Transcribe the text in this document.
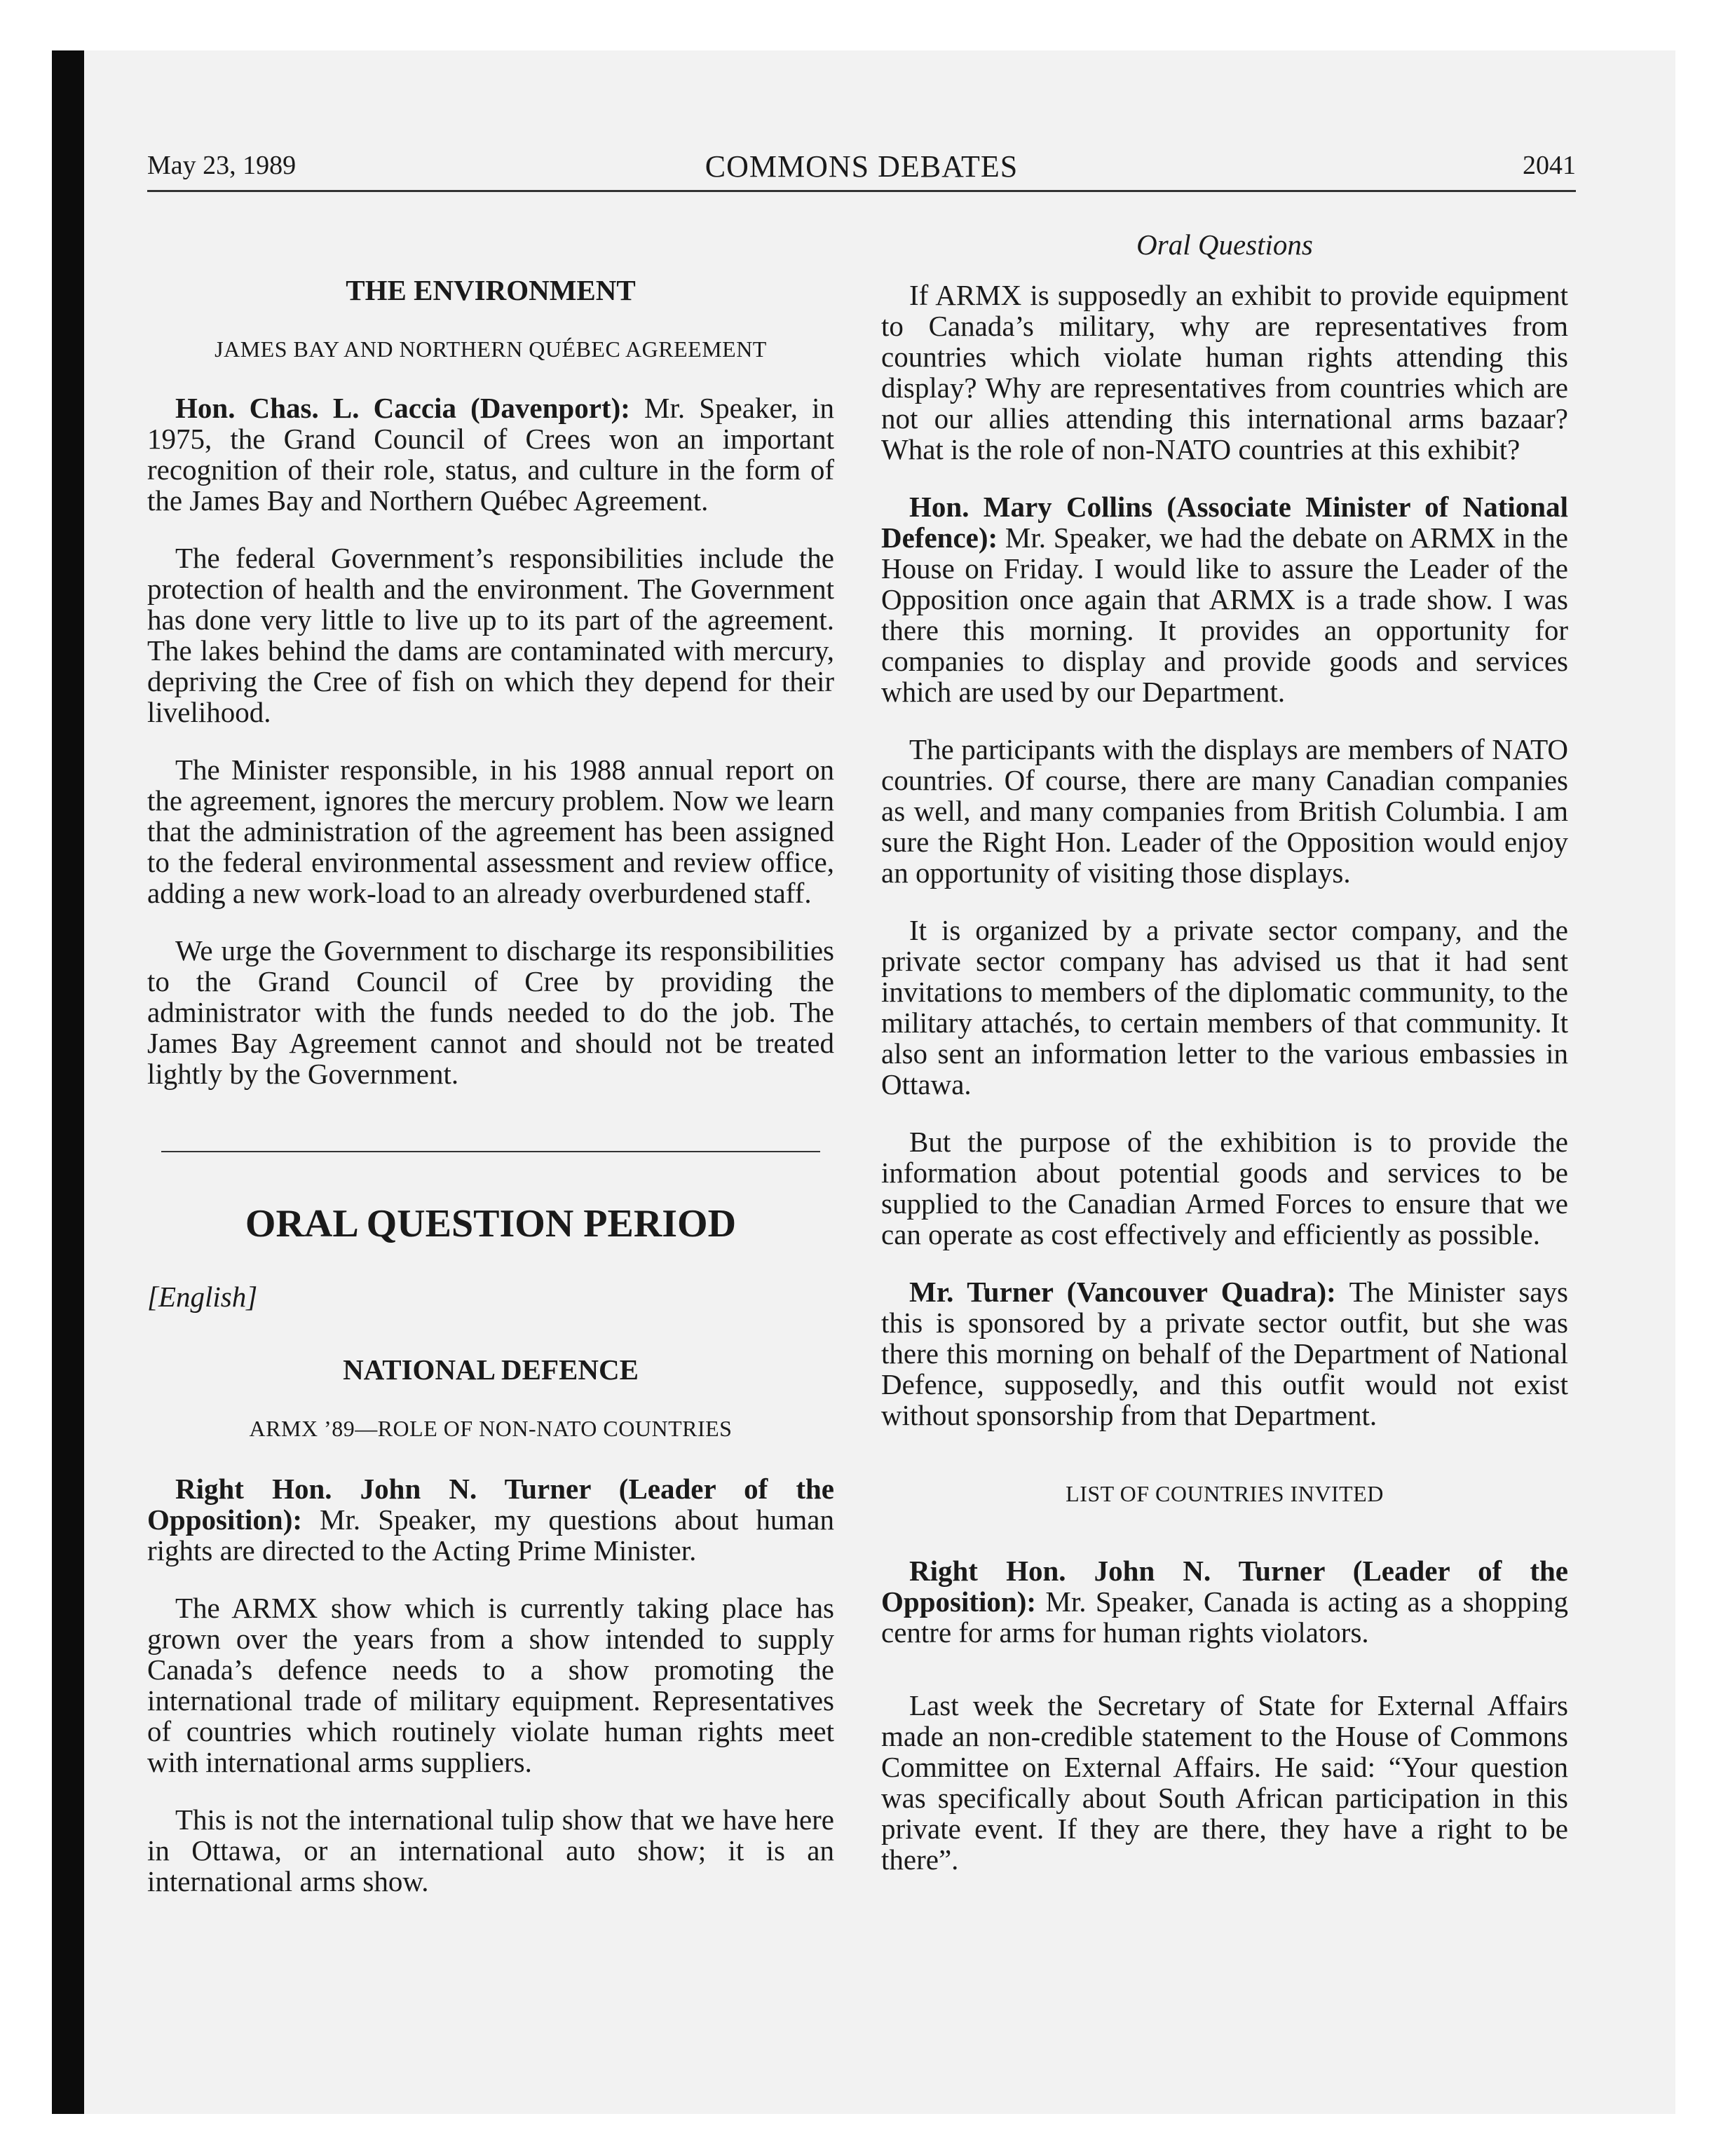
May 23, 1989	COMMONS DEBATES	2041
THE ENVIRONMENT
JAMES BAY AND NORTHERN QUÉBEC AGREEMENT

Hon. Chas. L. Caccia (Davenport): Mr. Speaker, in 1975, the Grand Council of Crees won an important recognition of their role, status, and culture in the form of the James Bay and Northern Québec Agreement.

The federal Government’s responsibilities include the protection of health and the environment. The Government has done very little to live up to its part of the agreement. The lakes behind the dams are contaminated with mercury, depriving the Cree of fish on which they depend for their livelihood.

The Minister responsible, in his 1988 annual report on the agreement, ignores the mercury problem. Now we learn that the administration of the agreement has been assigned to the federal environmental assessment and review office, adding a new work-load to an already overburdened staff.

We urge the Government to discharge its responsibilities to the Grand Council of Cree by providing the administrator with the funds needed to do the job. The James Bay Agreement cannot and should not be treated lightly by the Government.

ORAL QUESTION PERIOD
[English]
NATIONAL DEFENCE
ARMX ’89—ROLE OF NON-NATO COUNTRIES

Right Hon. John N. Turner (Leader of the Opposition): Mr. Speaker, my questions about human rights are directed to the Acting Prime Minister.

The ARMX show which is currently taking place has grown over the years from a show intended to supply Canada’s defence needs to a show promoting the international trade of military equipment. Representatives of countries which routinely violate human rights meet with international arms suppliers.

This is not the international tulip show that we have here in Ottawa, or an international auto show; it is an international arms show.

Oral Questions

If ARMX is supposedly an exhibit to provide equipment to Canada’s military, why are representatives from countries which violate human rights attending this display? Why are representatives from countries which are not our allies attending this international arms bazaar? What is the role of non-NATO countries at this exhibit?

Hon. Mary Collins (Associate Minister of National Defence): Mr. Speaker, we had the debate on ARMX in the House on Friday. I would like to assure the Leader of the Opposition once again that ARMX is a trade show. I was there this morning. It provides an opportunity for companies to display and provide goods and services which are used by our Department.

The participants with the displays are members of NATO countries. Of course, there are many Canadian companies as well, and many companies from British Columbia. I am sure the Right Hon. Leader of the Opposition would enjoy an opportunity of visiting those displays.

It is organized by a private sector company, and the private sector company has advised us that it had sent invitations to members of the diplomatic community, to the military attachés, to certain members of that community. It also sent an information letter to the various embassies in Ottawa.

But the purpose of the exhibition is to provide the information about potential goods and services to be supplied to the Canadian Armed Forces to ensure that we can operate as cost effectively and efficiently as possible.

Mr. Turner (Vancouver Quadra): The Minister says this is sponsored by a private sector outfit, but she was there this morning on behalf of the Department of National Defence, supposedly, and this outfit would not exist without sponsorship from that Department.

LIST OF COUNTRIES INVITED

Right Hon. John N. Turner (Leader of the Opposition): Mr. Speaker, Canada is acting as a shopping centre for arms for human rights violators.

Last week the Secretary of State for External Affairs made an non-credible statement to the House of Commons Committee on External Affairs. He said: “Your question was specifically about South African participation in this private event. If they are there, they have a right to be there”.
